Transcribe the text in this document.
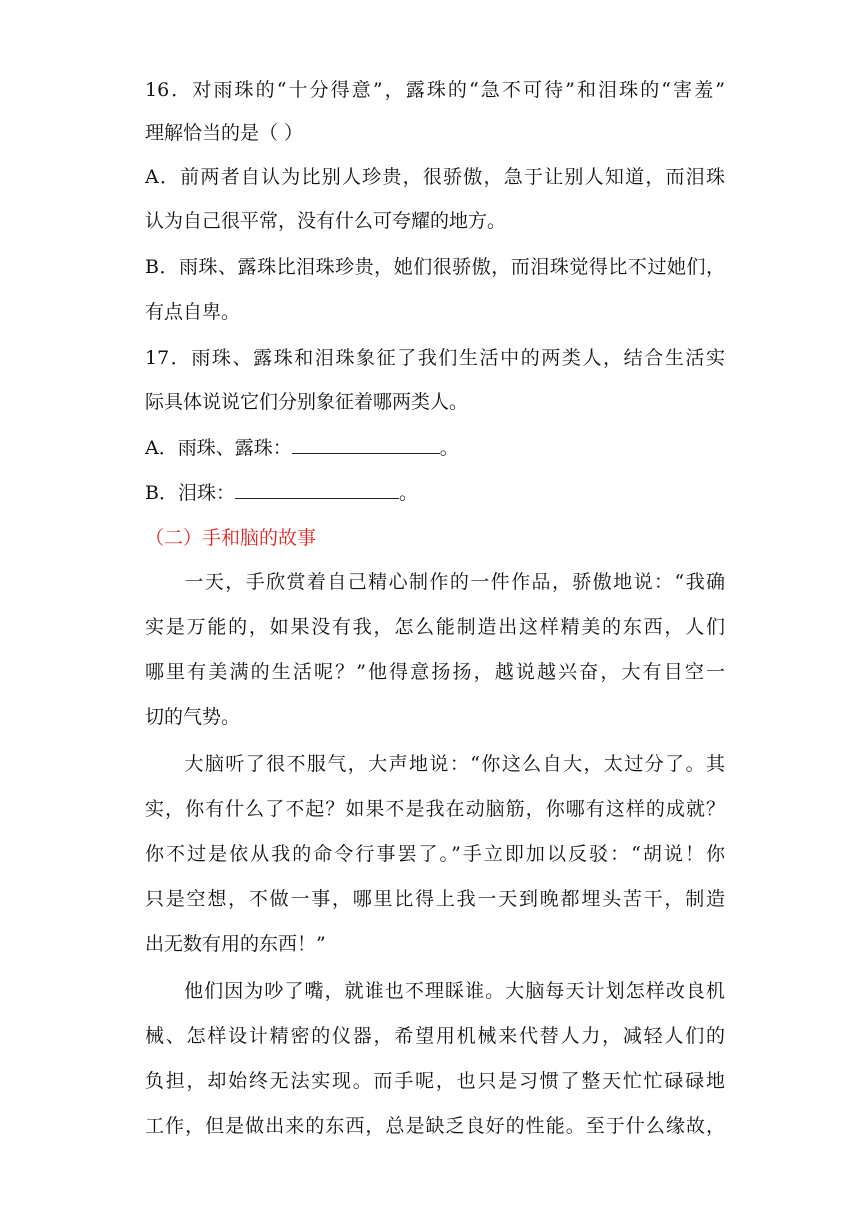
16．对雨珠的“十分得意”，露珠的“急不可待”和泪珠的“害羞”
理解恰当的是（ ）
A．前两者自认为比别人珍贵，很骄傲，急于让别人知道，而泪珠
认为自己很平常，没有什么可夸耀的地方。
B．雨珠、露珠比泪珠珍贵，她们很骄傲，而泪珠觉得比不过她们，
有点自卑。
17．雨珠、露珠和泪珠象征了我们生活中的两类人，结合生活实
际具体说说它们分别象征着哪两类人。
A．雨珠、露珠：	。
B．泪珠：	。
（二）手和脑的故事
一天，手欣赏着自己精心制作的一件作品，骄傲地说：“我确
实是万能的，如果没有我，怎么能制造出这样精美的东西，人们
哪里有美满的生活呢？”他得意扬扬，越说越兴奋，大有目空一
切的气势。
大脑听了很不服气，大声地说：“你这么自大，太过分了。其
实，你有什么了不起？如果不是我在动脑筋，你哪有这样的成就？
你不过是依从我的命令行事罢了。”手立即加以反驳：“胡说！你
只是空想，不做一事，哪里比得上我一天到晚都埋头苦干，制造
出无数有用的东西！”
他们因为吵了嘴，就谁也不理睬谁。大脑每天计划怎样改良机
械、怎样设计精密的仪器，希望用机械来代替人力，减轻人们的
负担，却始终无法实现。而手呢，也只是习惯了整天忙忙碌碌地
工作，但是做出来的东西，总是缺乏良好的性能。至于什么缘故，
